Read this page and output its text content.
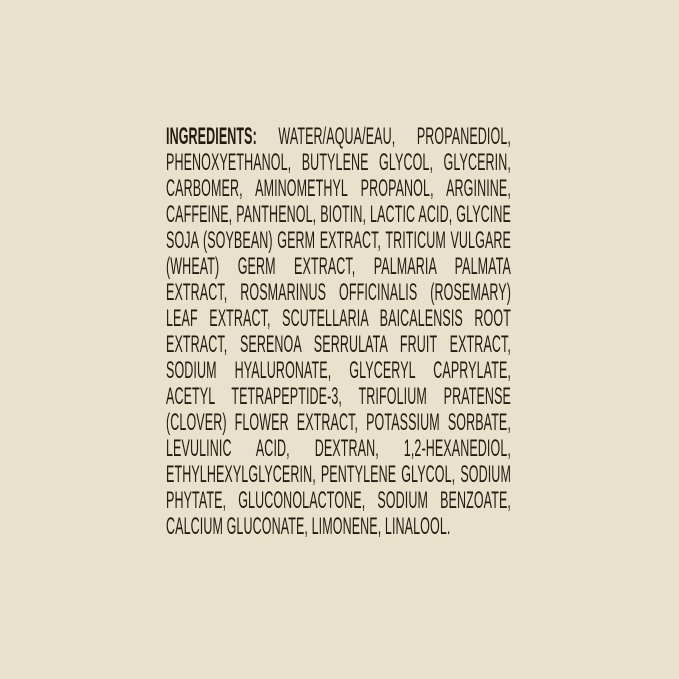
INGREDIENTS: WATER/AQUA/EAU, PROPANEDIOL,
PHENOXYETHANOL, BUTYLENE GLYCOL, GLYCERIN,
CARBOMER, AMINOMETHYL PROPANOL, ARGININE,
CAFFEINE, PANTHENOL, BIOTIN, LACTIC ACID, GLYCINE
SOJA (SOYBEAN) GERM EXTRACT, TRITICUM VULGARE
(WHEAT) GERM EXTRACT, PALMARIA PALMATA
EXTRACT, ROSMARINUS OFFICINALIS (ROSEMARY)
LEAF EXTRACT, SCUTELLARIA BAICALENSIS ROOT
EXTRACT, SERENOA SERRULATA FRUIT EXTRACT,
SODIUM HYALURONATE, GLYCERYL CAPRYLATE,
ACETYL TETRAPEPTIDE-3, TRIFOLIUM PRATENSE
(CLOVER) FLOWER EXTRACT, POTASSIUM SORBATE,
LEVULINIC ACID, DEXTRAN, 1,2-HEXANEDIOL,
ETHYLHEXYLGLYCERIN, PENTYLENE GLYCOL, SODIUM
PHYTATE, GLUCONOLACTONE, SODIUM BENZOATE,
CALCIUM GLUCONATE, LIMONENE, LINALOOL.
